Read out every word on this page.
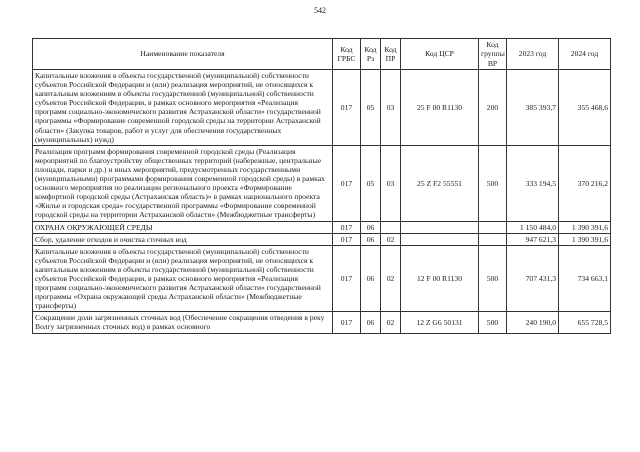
542
Наименование показателя	Код ГРБС	Код Рз	Код ПР	Код ЦСР	Код группы ВР	2023 год	2024 год
Капитальные вложения в объекты государственной (муниципальной) собственности субъектов Российской Федерации и (или) реализация мероприятий, не относящихся к капитальным вложениям в объекты государственной (муниципальной) собственности субъектов Российской Федерации, в рамках основного мероприятия «Реализация программ социально-экономического развития Астраханской области» государственной программы «Формирование современной городской среды на территории Астраханской области» (Закупка товаров, работ и услуг для обеспечения государственных (муниципальных) нужд)	017	05	03	25 F 00 R1130	200	385 393,7	355 468,6
Реализация программ формирования современной городской среды (Реализация мероприятий по благоустройству общественных территорий (набережные, центральные площади, парки и др.) и иных мероприятий, предусмотренных государственными (муниципальными) программами формирования современной городской среды) в рамках основного мероприятия по реализации регионального проекта «Формирование комфортной городской среды (Астраханская область)» в рамках национального проекта «Жилье и городская среда» государственной программы «Формирование современной городской среды на территории Астраханской области» (Межбюджетные трансферты)	017	05	03	25 Z F2 55551	500	333 194,5	370 216,2
ОХРАНА ОКРУЖАЮЩЕЙ СРЕДЫ	017	06				1 150 484,0	1 390 391,6
Сбор, удаление отходов и очистка сточных вод	017	06	02			947 621,3	1 390 391,6
Капитальные вложения в объекты государственной (муниципальной) собственности субъектов Российской Федерации и (или) реализация мероприятий, не относящихся к капитальным вложениям в объекты государственной (муниципальной) собственности субъектов Российской Федерации, в рамках основного мероприятия «Реализация программ социально-экономического развития Астраханской области» государственной программы «Охрана окружающей среды Астраханской области» (Межбюджетные трансферты)	017	06	02	12 F 00 R1130	500	707 431,3	734 663,1
Сокращение доли загрязненных сточных вод (Обеспечение сокращения отведения в реку Волгу загрязненных сточных вод) в рамках основного	017	06	02	12 Z G6 50131	500	240 190,0	655 728,5
